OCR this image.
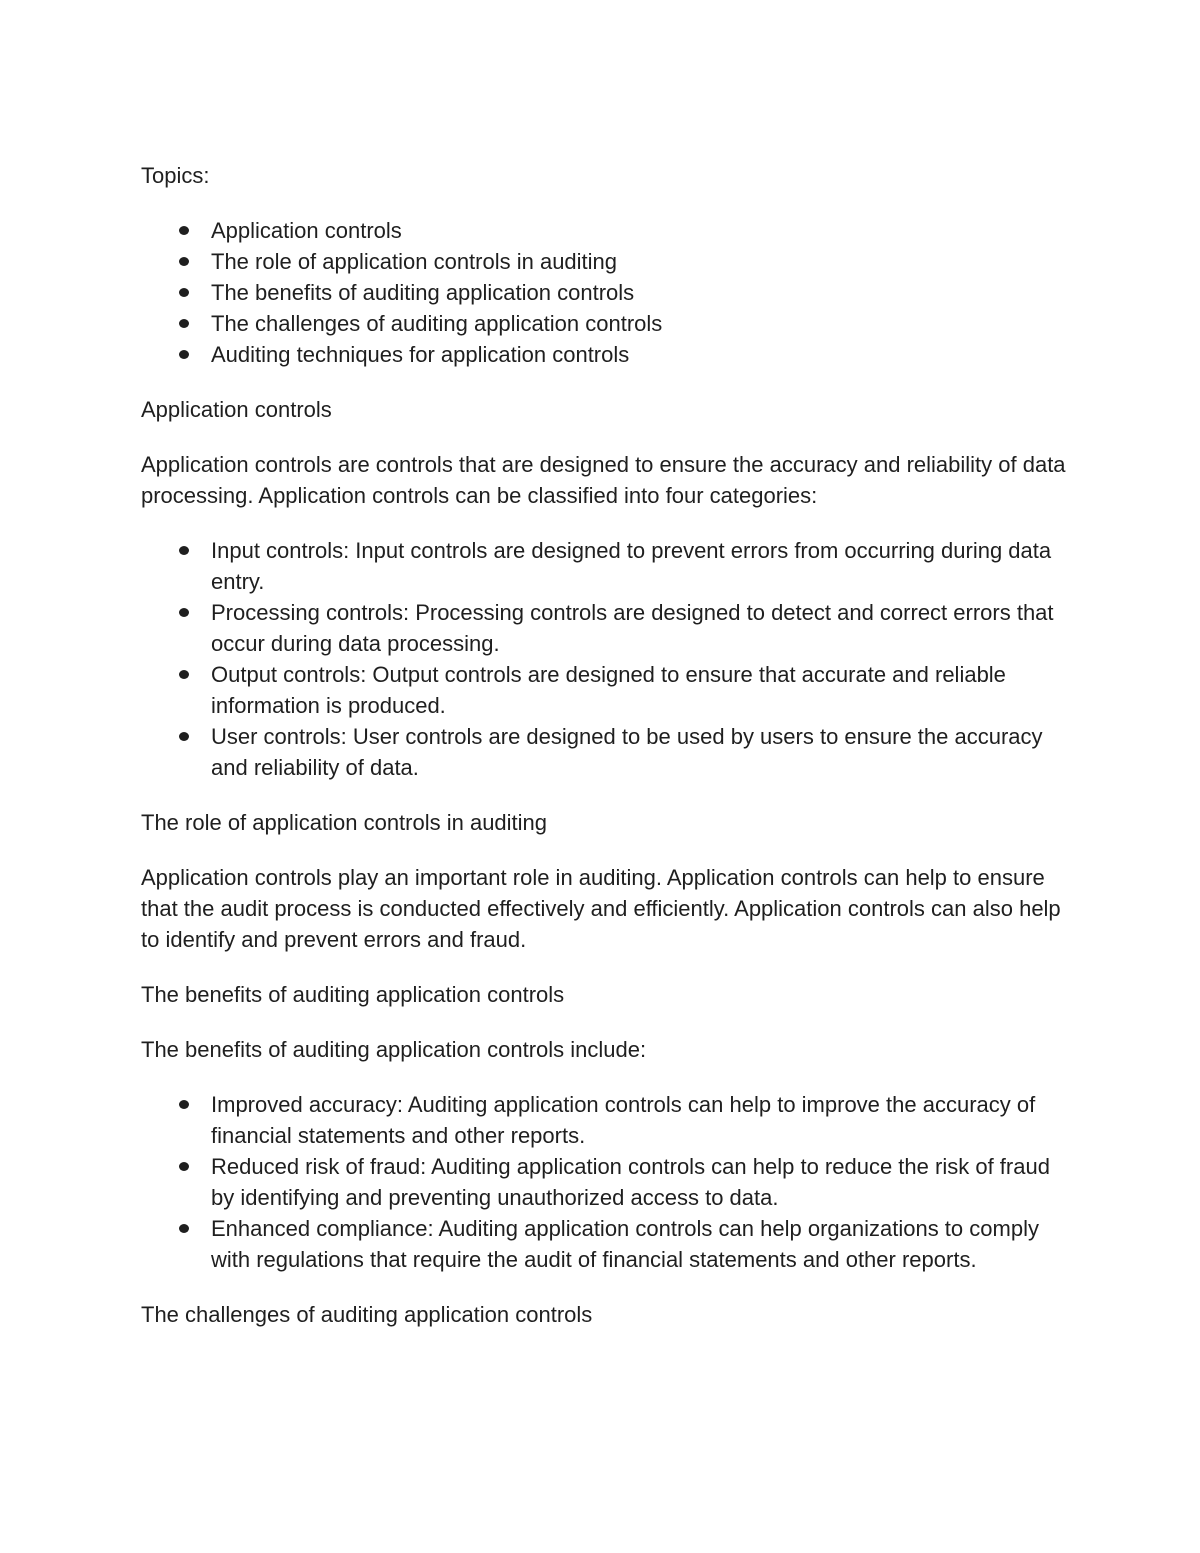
Topics:

Application controls
The role of application controls in auditing
The benefits of auditing application controls
The challenges of auditing application controls
Auditing techniques for application controls

Application controls

Application controls are controls that are designed to ensure the accuracy and reliability of data processing. Application controls can be classified into four categories:

Input controls: Input controls are designed to prevent errors from occurring during data entry.
Processing controls: Processing controls are designed to detect and correct errors that occur during data processing.
Output controls: Output controls are designed to ensure that accurate and reliable information is produced.
User controls: User controls are designed to be used by users to ensure the accuracy and reliability of data.

The role of application controls in auditing

Application controls play an important role in auditing. Application controls can help to ensure that the audit process is conducted effectively and efficiently. Application controls can also help to identify and prevent errors and fraud.

The benefits of auditing application controls

The benefits of auditing application controls include:

Improved accuracy: Auditing application controls can help to improve the accuracy of financial statements and other reports.
Reduced risk of fraud: Auditing application controls can help to reduce the risk of fraud by identifying and preventing unauthorized access to data.
Enhanced compliance: Auditing application controls can help organizations to comply with regulations that require the audit of financial statements and other reports.

The challenges of auditing application controls
